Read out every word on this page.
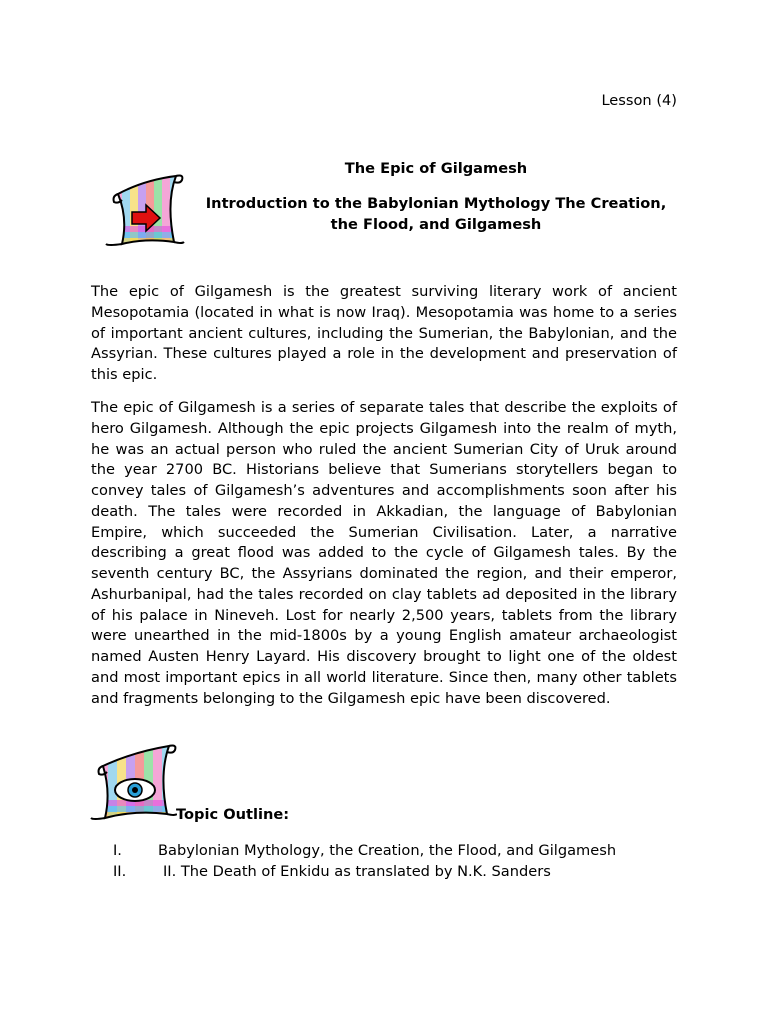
Lesson (4)
The Epic of Gilgamesh
Introduction to the Babylonian Mythology The Creation, the Flood, and Gilgamesh

The epic of Gilgamesh is the greatest surviving literary work of ancient Mesopotamia (located in what is now Iraq). Mesopotamia was home to a series of important ancient cultures, including the Sumerian, the Babylonian, and the Assyrian. These cultures played a role in the development and preservation of this epic.

The epic of Gilgamesh is a series of separate tales that describe the exploits of hero Gilgamesh. Although the epic projects Gilgamesh into the realm of myth, he was an actual person who ruled the ancient Sumerian City of Uruk around the year 2700 BC. Historians believe that Sumerians storytellers began to convey tales of Gilgamesh’s adventures and accomplishments soon after his death. The tales were recorded in Akkadian, the language of Babylonian Empire, which succeeded the Sumerian Civilisation. Later, a narrative describing a great flood was added to the cycle of Gilgamesh tales. By the seventh century BC, the Assyrians dominated the region, and their emperor, Ashurbanipal, had the tales recorded on clay tablets ad deposited in the library of his palace in Nineveh. Lost for nearly 2,500 years, tablets from the library were unearthed in the mid-1800s by a young English amateur archaeologist named Austen Henry Layard. His discovery brought to light one of the oldest and most important epics in all world literature. Since then, many other tablets and fragments belonging to the Gilgamesh epic have been discovered.

Topic Outline:
I.	Babylonian Mythology, the Creation, the Flood, and Gilgamesh
II.	II. The Death of Enkidu as translated by N.K. Sanders
